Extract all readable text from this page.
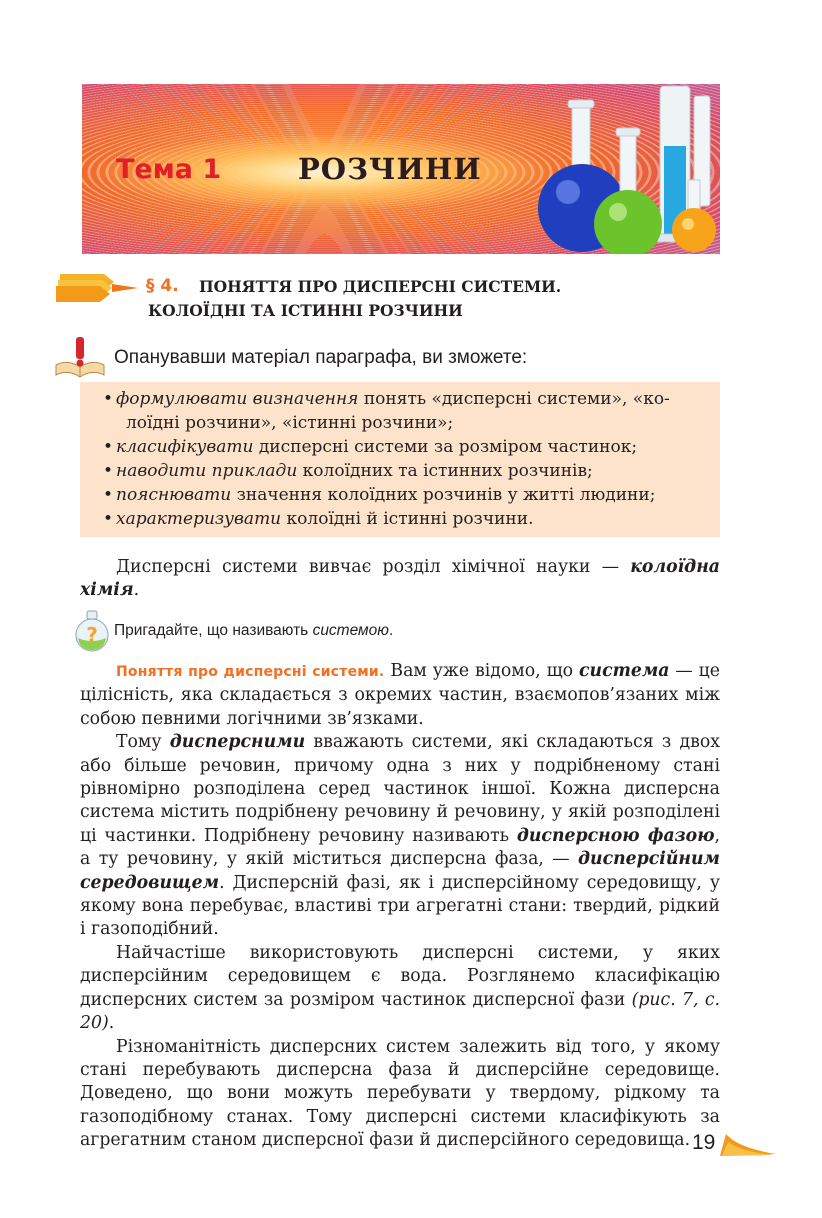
Тема 1	РОЗЧИНИ
§ 4. ПОНЯТТЯ ПРО ДИСПЕРСНІ СИСТЕМИ.
КОЛОЇДНІ ТА ІСТИННІ РОЗЧИНИ
Опанувавши матеріал параграфа, ви зможете:
• формулювати визначення понять «дисперсні системи», «ко-
лоїдні розчини», «істинні розчини»;
• класифікувати дисперсні системи за розміром частинок;
• наводити приклади колоїдних та істинних розчинів;
• пояснювати значення колоїдних розчинів у житті людини;
• характеризувати колоїдні й істинні розчини.

Дисперсні системи вивчає розділ хімічної науки — колоїдна хімія.

? Пригадайте, що називають системою.

Поняття про дисперсні системи. Вам уже відомо, що система — це цілісність, яка складається з окремих частин, взаємопов’язаних між собою певними логічними зв’язками.

Тому дисперсними вважають системи, які складаються з двох або більше речовин, причому одна з них у подрібненому стані рівномірно розподілена серед частинок іншої. Кожна дисперсна система містить подрібнену речовину й речовину, у якій розподілені ці частинки. Подрібнену речовину називають дисперсною фазою, а ту речовину, у якій міститься дисперсна фаза, — дисперсійним середовищем. Дисперсній фазі, як і дисперсійному середовищу, у якому вона перебуває, властиві три агрегатні стани: твердий, рідкий і газоподібний.

Найчастіше використовують дисперсні системи, у яких дисперсійним середовищем є вода. Розглянемо класифікацію дисперсних систем за розміром частинок дисперсної фази (рис. 7, с. 20).

Різноманітність дисперсних систем залежить від того, у якому стані перебувають дисперсна фаза й дисперсійне середовище. Доведено, що вони можуть перебувати у твердому, рідкому та газоподібному станах. Тому дисперсні системи класифікують за агрегатним станом дисперсної фази й дисперсійного середовища. 19
